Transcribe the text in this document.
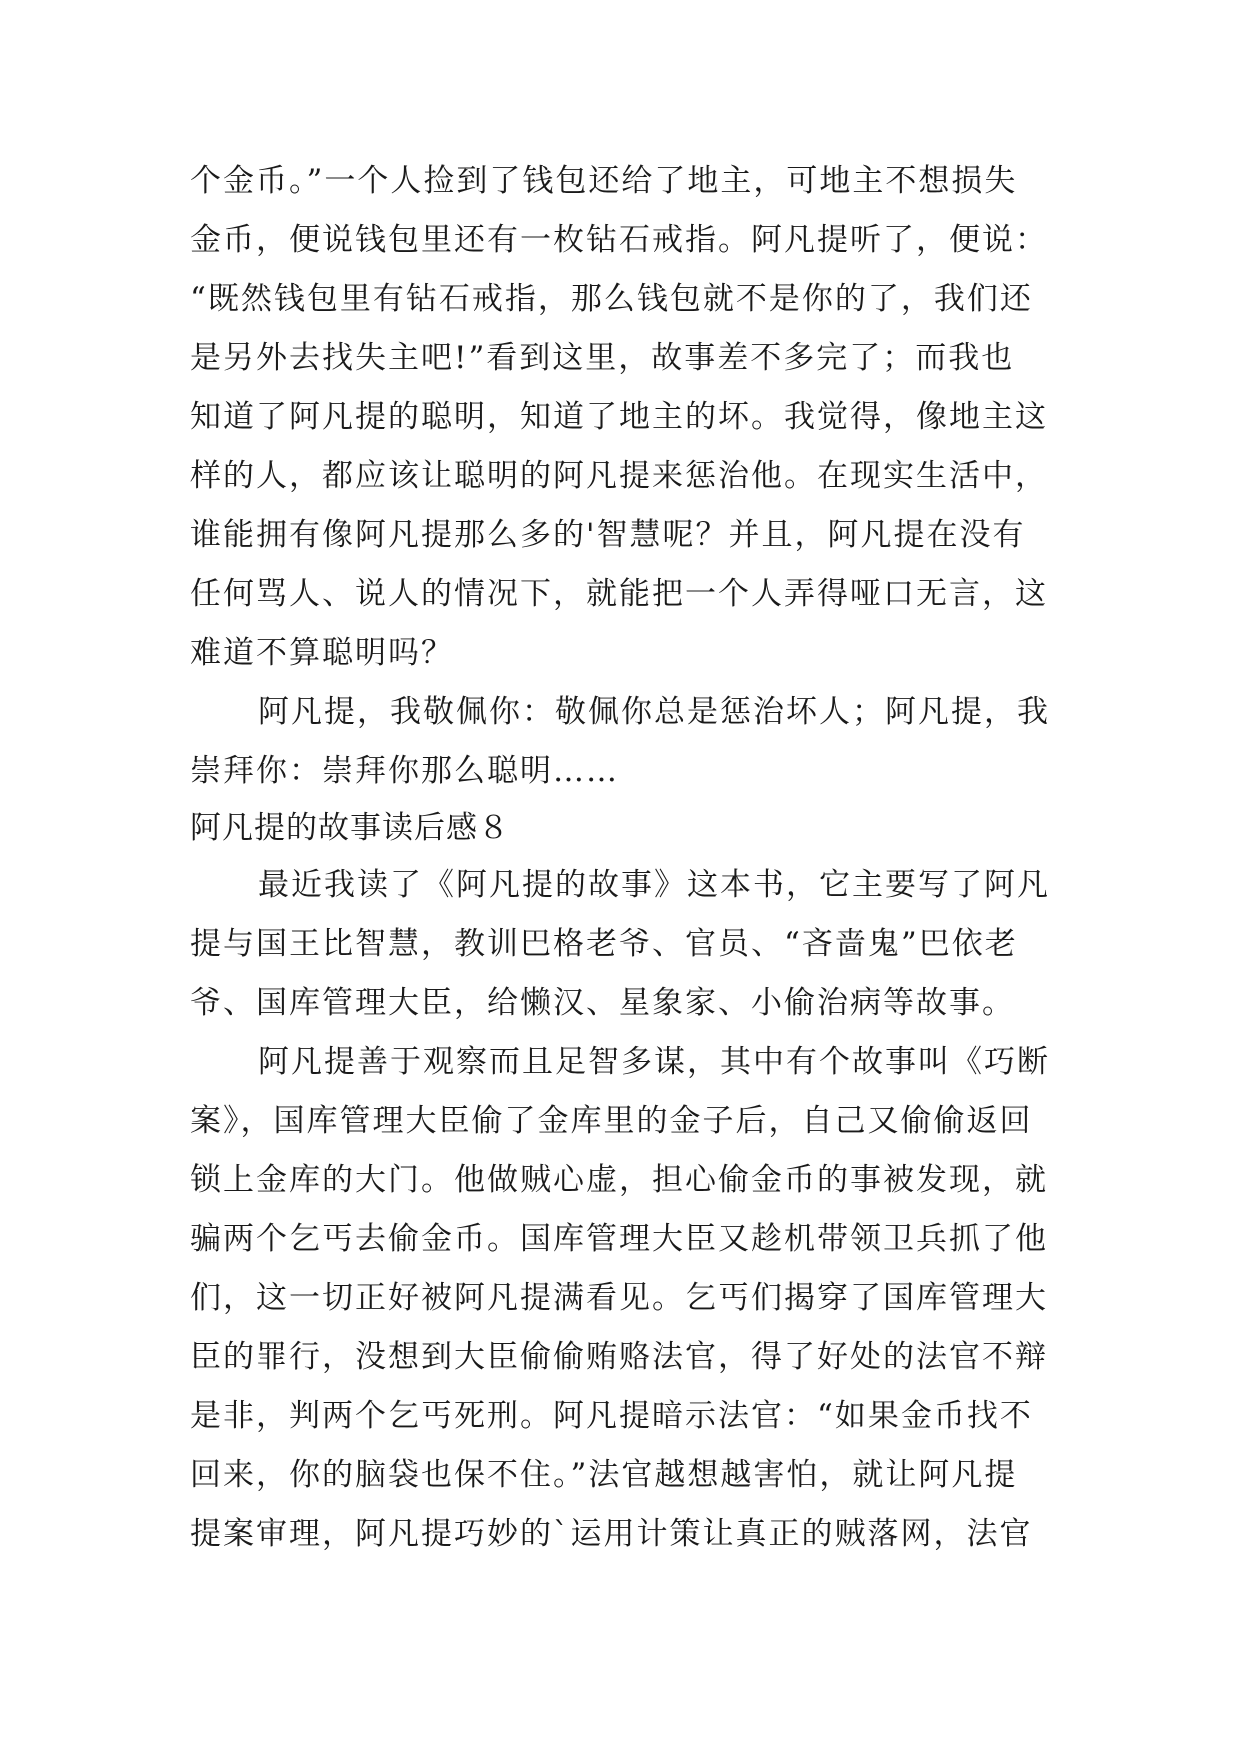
个金币。”一个人捡到了钱包还给了地主，可地主不想损失
金币，便说钱包里还有一枚钻石戒指。阿凡提听了，便说：
“既然钱包里有钻石戒指，那么钱包就不是你的了，我们还
是另外去找失主吧!”看到这里，故事差不多完了；而我也
知道了阿凡提的聪明，知道了地主的坏。我觉得，像地主这
样的人，都应该让聪明的阿凡提来惩治他。在现实生活中，
谁能拥有像阿凡提那么多的'智慧呢？并且，阿凡提在没有
任何骂人、说人的情况下，就能把一个人弄得哑口无言，这
难道不算聪明吗？
阿凡提，我敬佩你：敬佩你总是惩治坏人；阿凡提，我
崇拜你：崇拜你那么聪明……
阿凡提的故事读后感８
最近我读了《阿凡提的故事》这本书，它主要写了阿凡
提与国王比智慧，教训巴格老爷、官员、“吝啬鬼”巴依老
爷、国库管理大臣，给懒汉、星象家、小偷治病等故事。
阿凡提善于观察而且足智多谋，其中有个故事叫《巧断
案》，国库管理大臣偷了金库里的金子后，自己又偷偷返回
锁上金库的大门。他做贼心虚，担心偷金币的事被发现，就
骗两个乞丐去偷金币。国库管理大臣又趁机带领卫兵抓了他
们，这一切正好被阿凡提满看见。乞丐们揭穿了国库管理大
臣的罪行，没想到大臣偷偷贿赂法官，得了好处的法官不辩
是非，判两个乞丐死刑。阿凡提暗示法官：“如果金币找不
回来，你的脑袋也保不住。”法官越想越害怕，就让阿凡提
提案审理，阿凡提巧妙的`运用计策让真正的贼落网，法官
